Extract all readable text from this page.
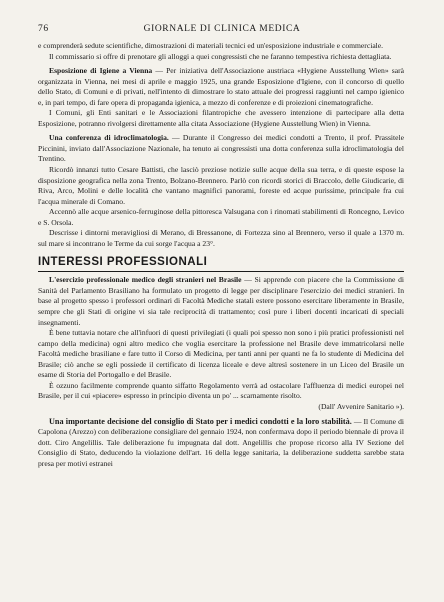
76	GIORNALE DI CLINICA MEDICA

e comprenderà sedute scientifiche, dimostrazioni di materiali tecnici ed un'esposizione industriale e commerciale.

Il commissario si offre di prenotare gli alloggi a quei congressisti che ne faranno tempestiva richiesta dettagliata.

Esposizione di Igiene a Vienna — Per iniziativa dell'Associazione austriaca «Hygiene Ausstellung Wien» sarà organizzata in Vienna, nei mesi di aprile e maggio 1925, una grande Esposizione d'Igiene, con il concorso di quello dello Stato, di Comuni e di privati, nell'intento di dimostrare lo stato attuale dei progressi raggiunti nel campo igienico e, in pari tempo, di fare opera di propaganda igienica, a mezzo di conferenze e di proiezioni cinematografiche.

I Comuni, gli Enti sanitari e le Associazioni filantropiche che avessero intenzione di partecipare alla detta Esposizione, potranno rivolgersi direttamente alla citata Associazione (Hygiene Ausstellung Wien) in Vienna.

Una conferenza di idroclimatologia. — Durante il Congresso dei medici condotti a Trento, il prof. Prassitele Piccinini, inviato dall'Associazione Nazionale, ha tenuto ai congressisti una dotta conferenza sulla idroclimatologia del Trentino.

Ricordò innanzi tutto Cesare Battisti, che lasciò preziose notizie sulle acque della sua terra, e di queste espose la disposizione geografica nella zona Trento, Bolzano-Brennero. Parlò con ricordi storici di Braccolo, delle Giudicarie, di Riva, Arco, Molini e delle località che vantano magnifici panorami, foreste ed acque purissime, principale fra cui l'acqua minerale di Comano.

Accennò alle acque arsenico-ferruginose della pittoresca Valsugana con i rinomati stabilimenti di Roncegno, Levico e S. Orsola.

Descrisse i dintorni meravigliosi di Merano, di Bressanone, di Fortezza sino al Brennero, verso il quale a 1370 m. sul mare si incontrano le Terme da cui sorge l'acqua a 23°.

INTERESSI PROFESSIONALI

L'esercizio professionale medico degli stranieri nel Brasile — Si apprende con piacere che la Commissione di Sanità del Parlamento Brasiliano ha formulato un progetto di legge per disciplinare l'esercizio dei medici stranieri. In base al progetto spesso i professori ordinari di Facoltà Mediche statali estere possono esercitare liberamente in Brasile, sempre che gli Stati di origine vi sia tale reciprocità di trattamento; così pure i liberi docenti incaricati di speciali insegnamenti.

È bene tuttavia notare che all'infuori di questi privilegiati (i quali poi spesso non sono i più pratici professionisti nel campo della medicina) ogni altro medico che voglia esercitare la professione nel Brasile deve immatricolarsi nelle Facoltà mediche brasiliane e fare tutto il Corso di Medicina, per tanti anni per quanti ne fa lo studente di Medicina del Brasile; ciò anche se egli possiede il certificato di licenza liceale e deve altresì sostenere in un Liceo del Brasile un esame di Storia del Portogallo e del Brasile.

È ozzuno facilmente comprende quanto siffatto Regolamento verrà ad ostacolare l'affluenza di medici europei nel Brasile, per il cui «piacere» espresso in principio diventa un po' ... scarnamente risolto.

(Dall' Avvenire Sanitario »).

Una importante decisione del consiglio di Stato per i medici condotti e la loro stabilità. — Il Comune di Capolona (Arezzo) con deliberazione consigliare del gennaio 1924, non confermava dopo il periodo biennale di prova il dott. Ciro Angelillis. Tale deliberazione fu impugnata dal dott. Angelillis che propose ricorso alla IV Sezione del Consiglio di Stato, deducendo la violazione dell'art. 16 della legge sanitaria, la deliberazione suddetta sarebbe stata presa per motivi estranei
